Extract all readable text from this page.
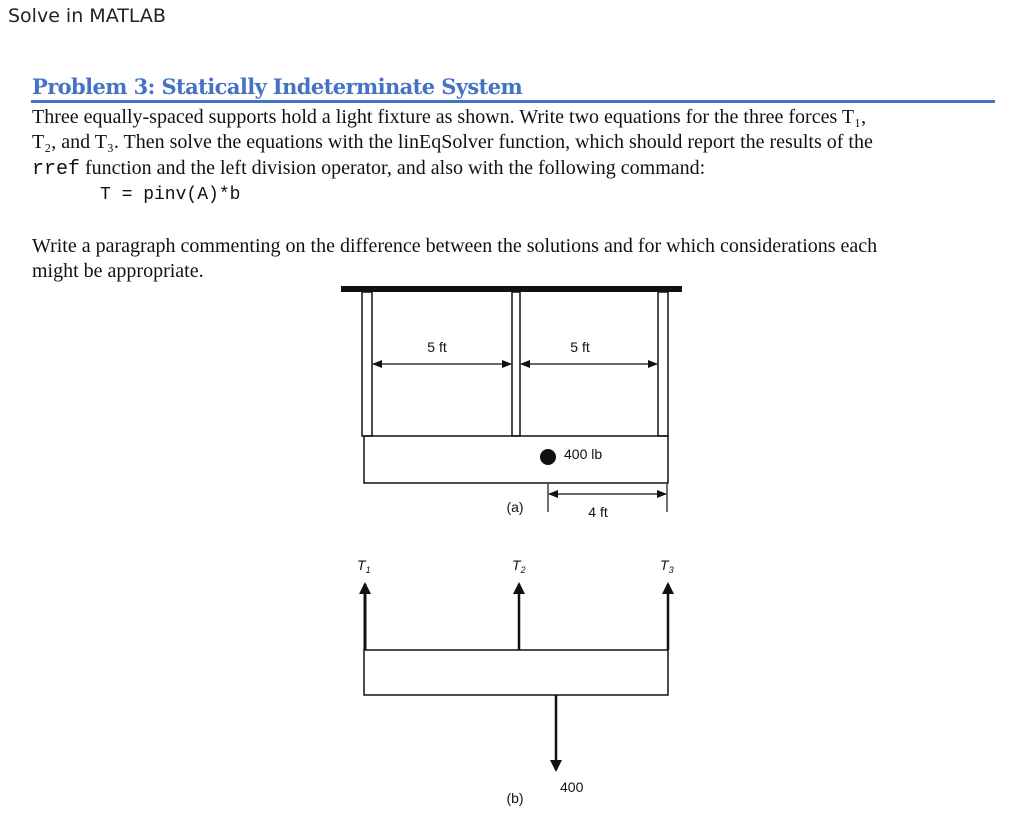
Solve in MATLAB
Problem 3: Statically Indeterminate System
Three equally-spaced supports hold a light fixture as shown. Write two equations for the three forces T₁,
T₂, and T₃. Then solve the equations with the linEqSolver function, which should report the results of the
rref function and the left division operator, and also with the following command:
T = pinv(A)*b
Write a paragraph commenting on the difference between the solutions and for which considerations each
might be appropriate.
5 ft	5 ft
400 lb
4 ft
(a)
$T_1$	$T_2$	$T_3$
400
(b)
